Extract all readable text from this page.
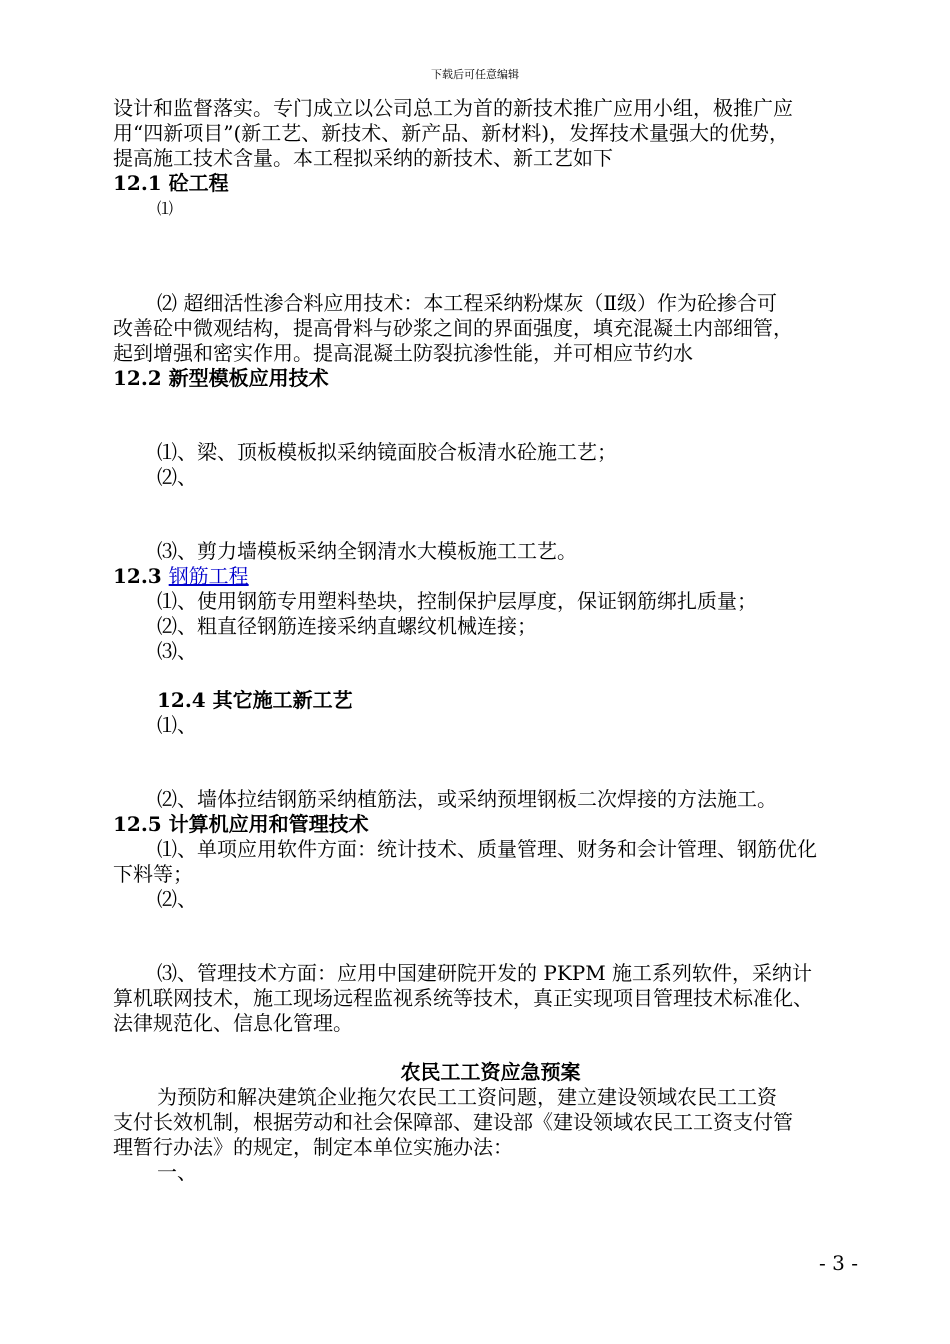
下载后可任意编辑

设计和监督落实。专门成立以公司总工为首的新技术推广应用小组，极推广应

用“四新项目”(新工艺、新技术、新产品、新材料)，发挥技术量强大的优势，

提高施工技术含量。本工程拟采纳的新技术、新工艺如下

12.1 砼工程

⑴

⑵ 超细活性渗合料应用技术：本工程采纳粉煤灰（Ⅱ级）作为砼掺合可

改善砼中微观结构，提高骨料与砂浆之间的界面强度，填充混凝土内部细管，

起到增强和密实作用。提高混凝土防裂抗渗性能，并可相应节约水

12.2 新型模板应用技术

⑴、梁、顶板模板拟采纳镜面胶合板清水砼施工艺；

⑵、

⑶、剪力墙模板采纳全钢清水大模板施工工艺。

12.3 钢筋工程

⑴、使用钢筋专用塑料垫块，控制保护层厚度，保证钢筋绑扎质量；

⑵、粗直径钢筋连接采纳直螺纹机械连接；

⑶、

12.4 其它施工新工艺

⑴、

⑵、墙体拉结钢筋采纳植筋法，或采纳预埋钢板二次焊接的方法施工。

12.5 计算机应用和管理技术

⑴、单项应用软件方面：统计技术、质量管理、财务和会计管理、钢筋优化

下料等；

⑵、

⑶、管理技术方面：应用中国建研院开发的 PKPM 施工系列软件，采纳计

算机联网技术，施工现场远程监视系统等技术，真正实现项目管理技术标准化、

法律规范化、信息化管理。

农民工工资应急预案

为预防和解决建筑企业拖欠农民工工资问题，建立建设领域农民工工资

支付长效机制，根据劳动和社会保障部、建设部《建设领域农民工工资支付管

理暂行办法》的规定，制定本单位实施办法：

一、

- 3 -
